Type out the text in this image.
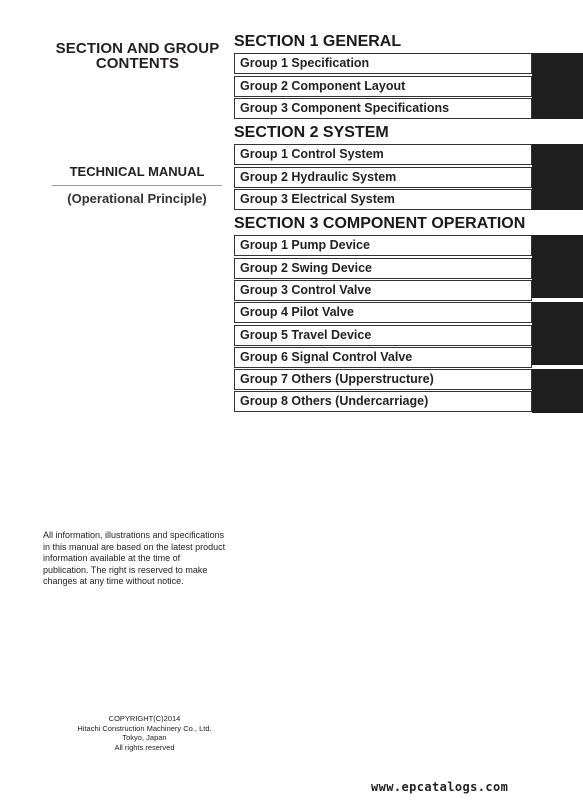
SECTION AND GROUP
CONTENTS
TECHNICAL MANUAL
(Operational Principle)
All information, illustrations and specifications in this manual are based on the latest product information available at the time of publication. The right is reserved to make changes at any time without notice.
COPYRIGHT(C)2014
Hitachi Construction Machinery Co., Ltd.
Tokyo, Japan
All rights reserved
SECTION 1 GENERAL
Group 1 Specification
Group 2 Component Layout
Group 3 Component Specifications
SECTION 2 SYSTEM
Group 1 Control System
Group 2 Hydraulic System
Group 3 Electrical System
SECTION 3 COMPONENT OPERATION
Group 1 Pump Device
Group 2 Swing Device
Group 3 Control Valve
Group 4 Pilot Valve
Group 5 Travel Device
Group 6 Signal Control Valve
Group 7 Others (Upperstructure)
Group 8 Others (Undercarriage)
www.epcatalogs.com
